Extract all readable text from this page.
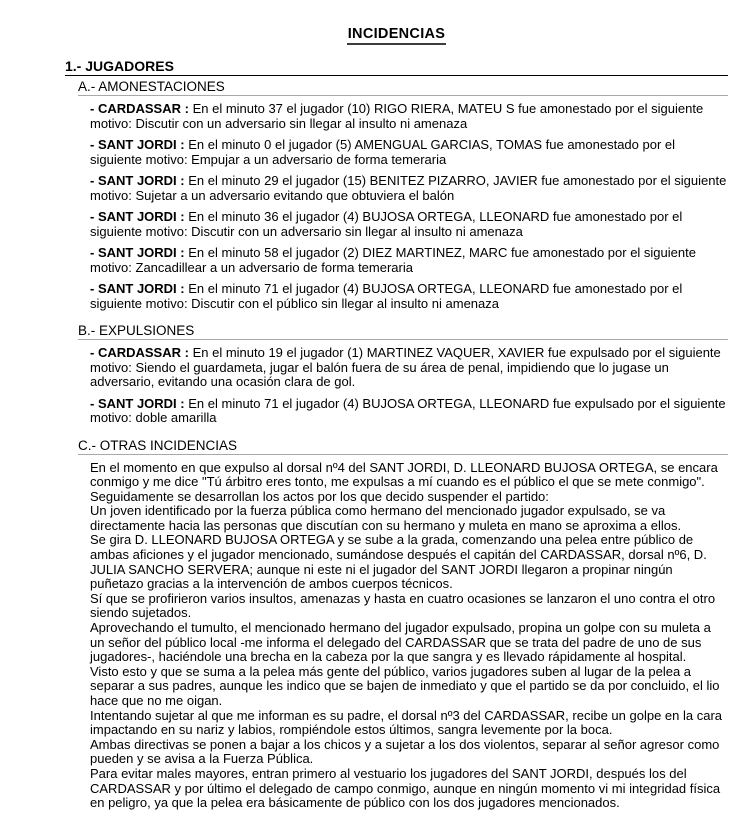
INCIDENCIAS
1.- JUGADORES
A.- AMONESTACIONES

- CARDASSAR : En el minuto 37 el jugador (10) RIGO RIERA, MATEU S fue amonestado por el siguiente motivo: Discutir con un adversario sin llegar al insulto ni amenaza

- SANT JORDI : En el minuto 0 el jugador (5) AMENGUAL GARCIAS, TOMAS fue amonestado por el siguiente motivo: Empujar a un adversario de forma temeraria

- SANT JORDI : En el minuto 29 el jugador (15) BENITEZ PIZARRO, JAVIER fue amonestado por el siguiente motivo: Sujetar a un adversario evitando que obtuviera el balón

- SANT JORDI : En el minuto 36 el jugador (4) BUJOSA ORTEGA, LLEONARD fue amonestado por el siguiente motivo: Discutir con un adversario sin llegar al insulto ni amenaza

- SANT JORDI : En el minuto 58 el jugador (2) DIEZ MARTINEZ, MARC fue amonestado por el siguiente motivo: Zancadillear a un adversario de forma temeraria

- SANT JORDI : En el minuto 71 el jugador (4) BUJOSA ORTEGA, LLEONARD fue amonestado por el siguiente motivo: Discutir con el público sin llegar al insulto ni amenaza

B.- EXPULSIONES

- CARDASSAR : En el minuto 19 el jugador (1) MARTINEZ VAQUER, XAVIER fue expulsado por el siguiente motivo: Siendo el guardameta, jugar el balón fuera de su área de penal, impidiendo que lo jugase un adversario, evitando una ocasión clara de gol.

- SANT JORDI : En el minuto 71 el jugador (4) BUJOSA ORTEGA, LLEONARD fue expulsado por el siguiente motivo: doble amarilla

C.- OTRAS INCIDENCIAS

En el momento en que expulso al dorsal nº4 del SANT JORDI, D. LLEONARD BUJOSA ORTEGA, se encara conmigo y me dice "Tú árbitro eres tonto, me expulsas a mí cuando es el público el que se mete conmigo".

Seguidamente se desarrollan los actos por los que decido suspender el partido:

Un joven identificado por la fuerza pública como hermano del mencionado jugador expulsado, se va directamente hacia las personas que discutían con su hermano y muleta en mano se aproxima a ellos.

Se gira D. LLEONARD BUJOSA ORTEGA y se sube a la grada, comenzando una pelea entre público de ambas aficiones y el jugador mencionado, sumándose después el capitán del CARDASSAR, dorsal nº6, D. JULIA SANCHO SERVERA; aunque ni este ni el jugador del SANT JORDI llegaron a propinar ningún puñetazo gracias a la intervención de ambos cuerpos técnicos.

Sí que se profirieron varios insultos, amenazas y hasta en cuatro ocasiones se lanzaron el uno contra el otro siendo sujetados.

Aprovechando el tumulto, el mencionado hermano del jugador expulsado, propina un golpe con su muleta a un señor del público local -me informa el delegado del CARDASSAR que se trata del padre de uno de sus jugadores-, haciéndole una brecha en la cabeza por la que sangra y es llevado rápidamente al hospital.

Visto esto y que se suma a la pelea más gente del público, varios jugadores suben al lugar de la pelea a separar a sus padres, aunque les indico que se bajen de inmediato y que el partido se da por concluido, el lio hace que no me oigan.

Intentando sujetar al que me informan es su padre, el dorsal nº3 del CARDASSAR, recibe un golpe en la cara impactando en su nariz y labios, rompiéndole estos últimos, sangra levemente por la boca.

Ambas directivas se ponen a bajar a los chicos y a sujetar a los dos violentos, separar al señor agresor como pueden y se avisa a la Fuerza Pública.

Para evitar males mayores, entran primero al vestuario los jugadores del SANT JORDI, después los del CARDASSAR y por último el delegado de campo conmigo, aunque en ningún momento vi mi integridad física en peligro, ya que la pelea era básicamente de público con los dos jugadores mencionados.
